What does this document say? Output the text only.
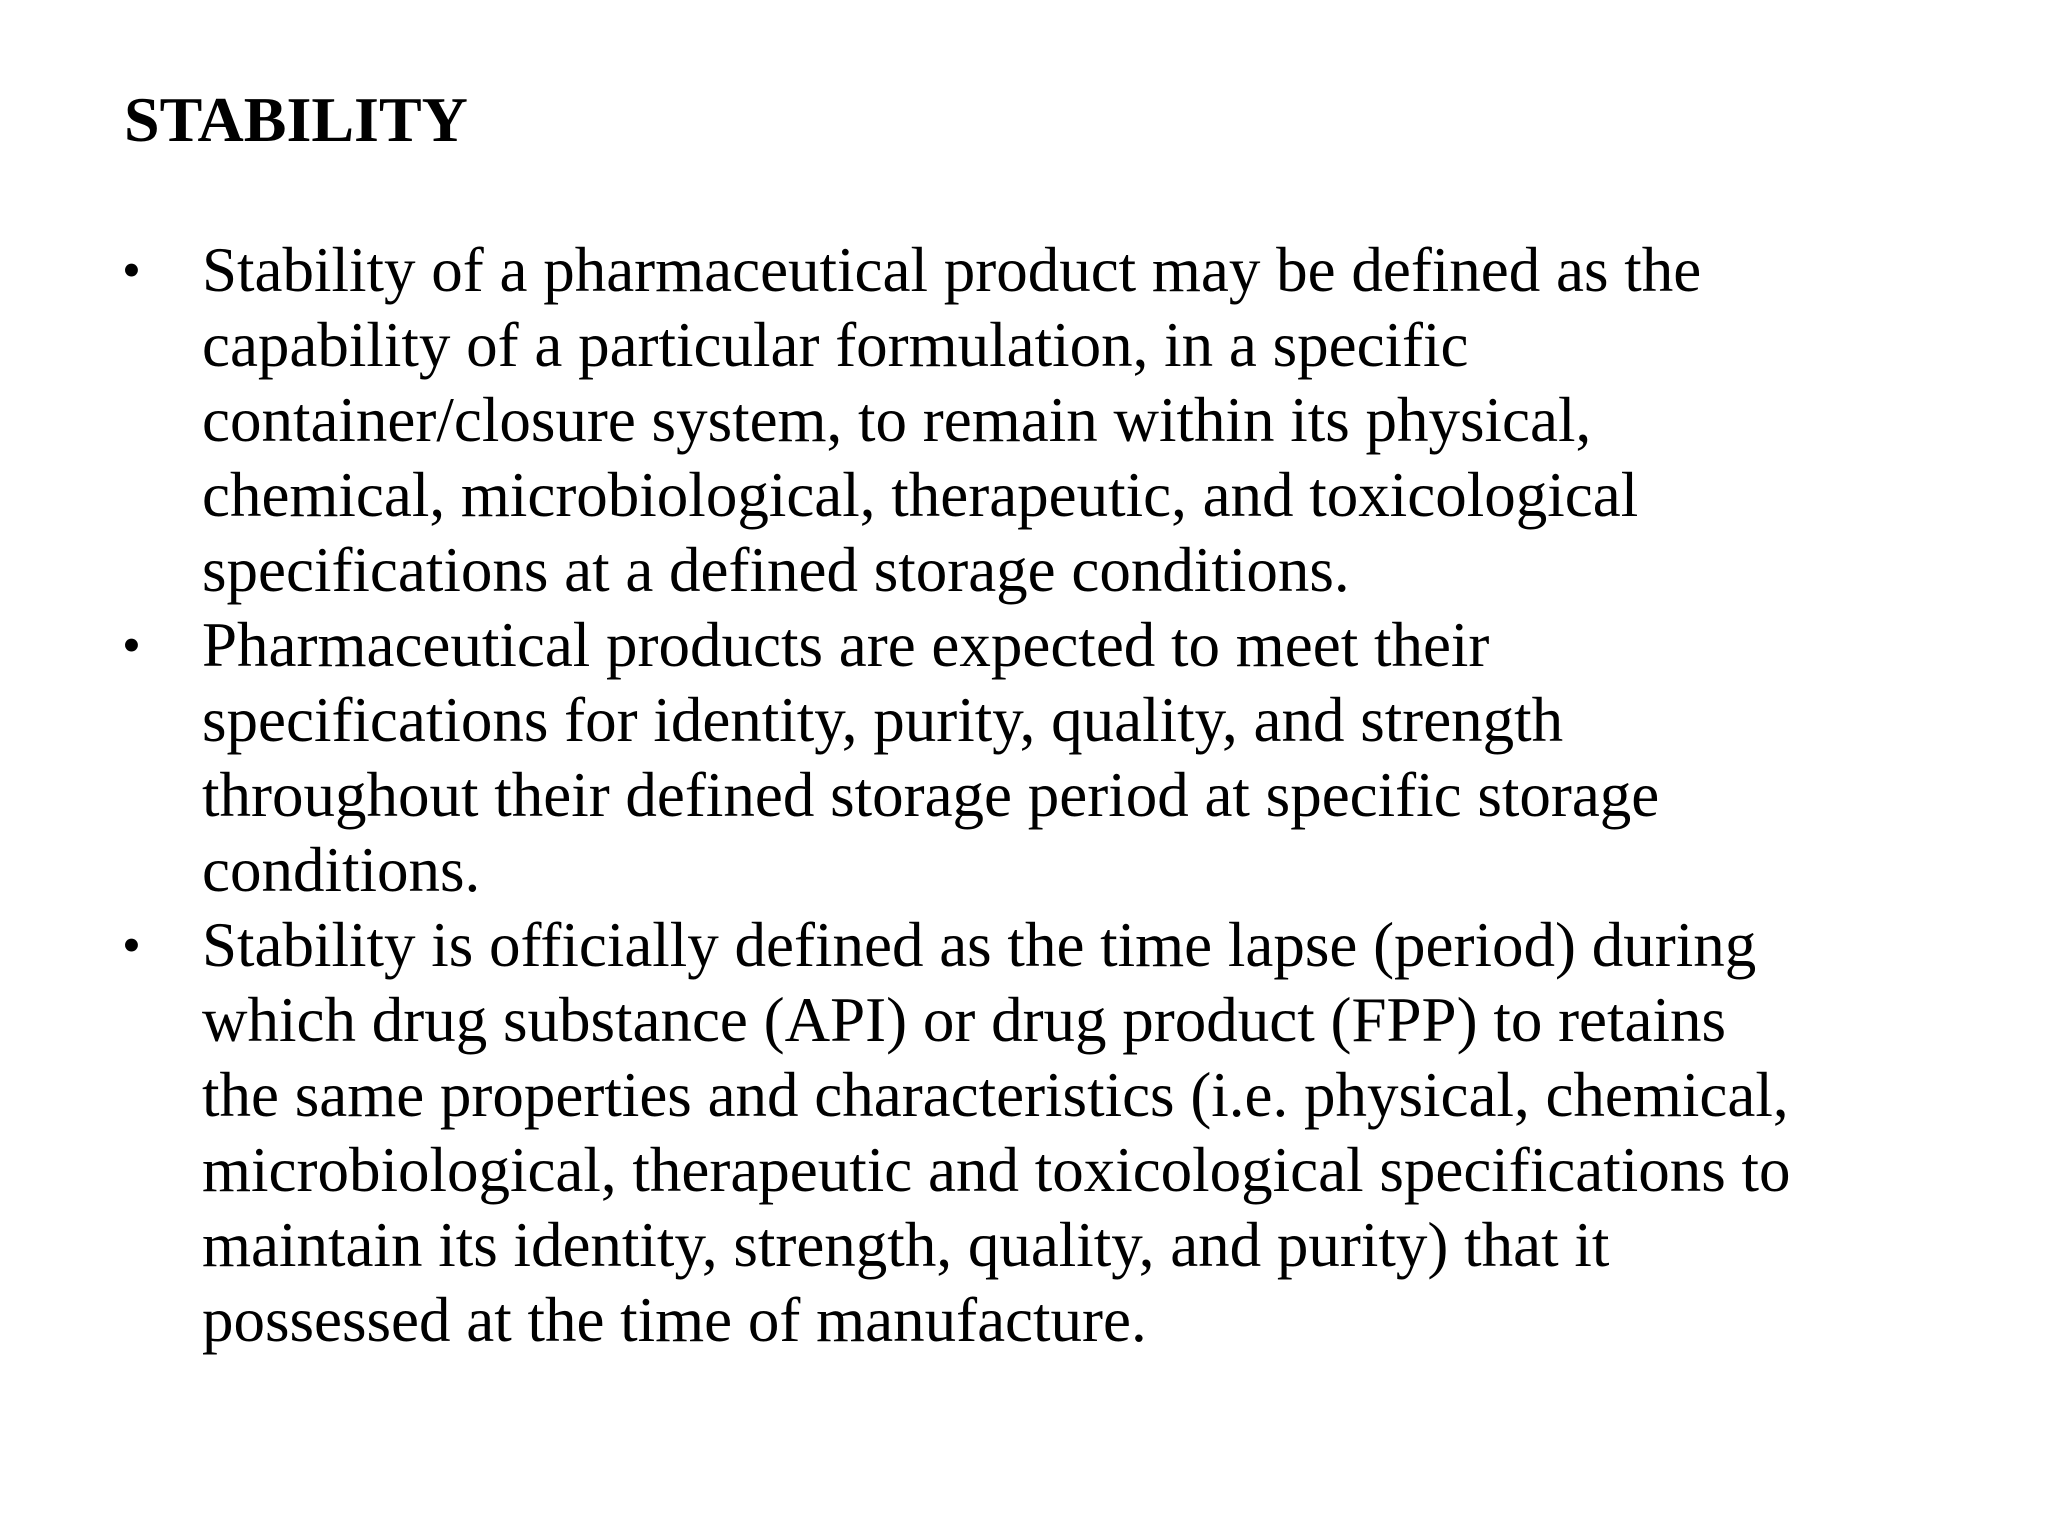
STABILITY
• Stability of a pharmaceutical product may be defined as the
capability of a particular formulation, in a specific
container/closure system, to remain within its physical,
chemical, microbiological, therapeutic, and toxicological
specifications at a defined storage conditions.
• Pharmaceutical products are expected to meet their
specifications for identity, purity, quality, and strength
throughout their defined storage period at specific storage
conditions.
• Stability is officially defined as the time lapse (period) during
which drug substance (API) or drug product (FPP) to retains
the same properties and characteristics (i.e. physical, chemical,
microbiological, therapeutic and toxicological specifications to
maintain its identity, strength, quality, and purity) that it
possessed at the time of manufacture.
